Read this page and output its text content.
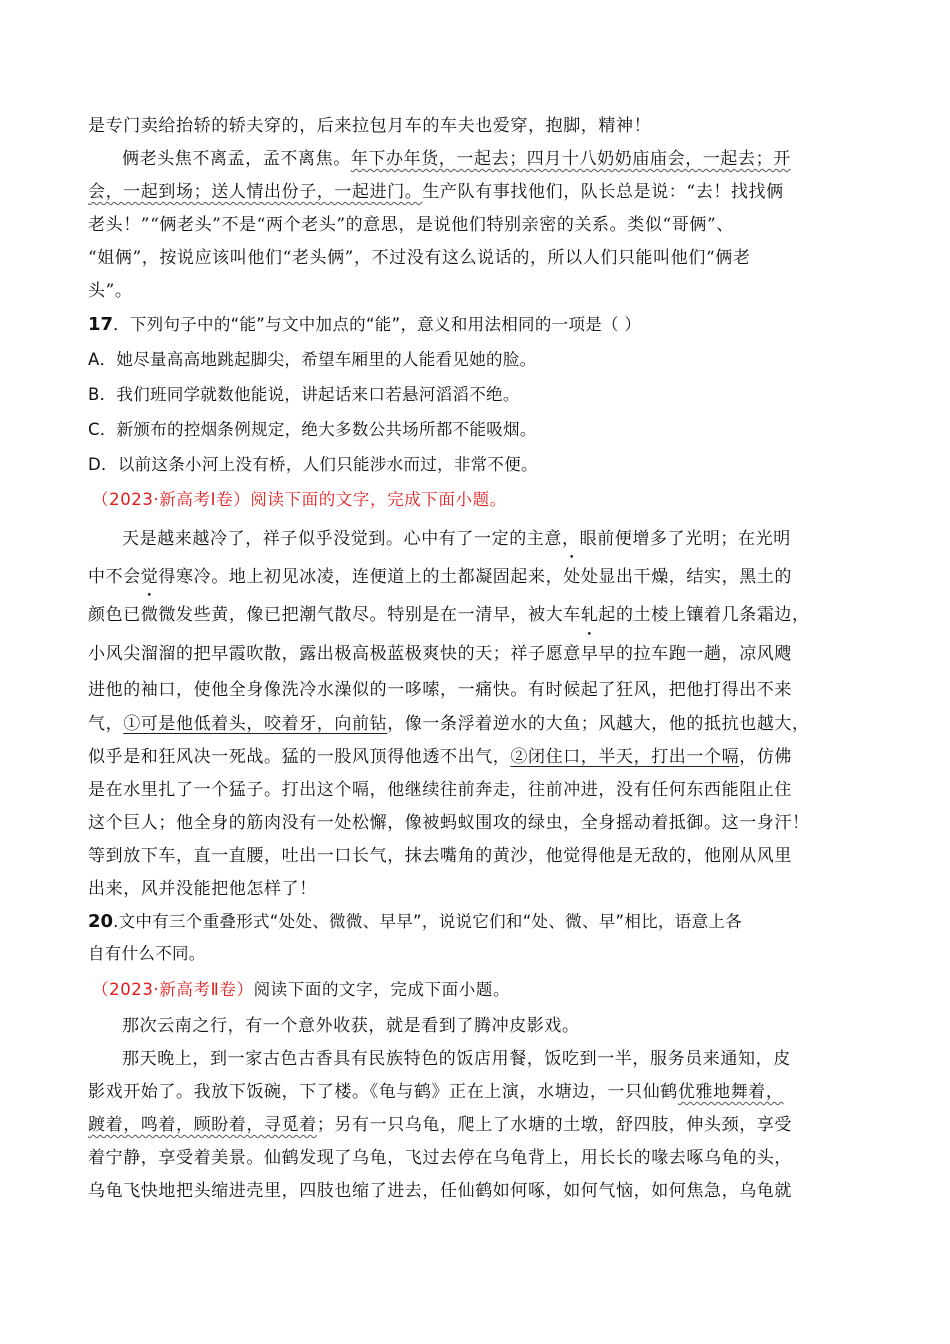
是专门卖给抬轿的轿夫穿的，后来拉包月车的车夫也爱穿，抱脚，精神！
俩老头焦不离孟，孟不离焦。年下办年货，一起去；四月十八奶奶庙庙会，一起去；开
会，一起到场；送人情出份子，一起进门。生产队有事找他们，队长总是说：“去！找找俩
老头！”“俩老头”不是“两个老头”的意思，是说他们特别亲密的关系。类似“哥俩”、
“姐俩”，按说应该叫他们“老头俩”，不过没有这么说话的，所以人们只能叫他们“俩老
头”。
17．下列句子中的“能”与文中加点的“能”，意义和用法相同的一项是（ ）
A．她尽量高高地跳起脚尖，希望车厢里的人能看见她的脸。
B．我们班同学就数他能说，讲起话来口若悬河滔滔不绝。
C．新颁布的控烟条例规定，绝大多数公共场所都不能吸烟。
D．以前这条小河上没有桥，人们只能涉水而过，非常不便。
（2023·新高考Ⅰ卷）阅读下面的文字，完成下面小题。
天是越来越冷了，祥子似乎没觉到。心中有了一定的主意，眼前便增多了光明；在光明
中不会觉得寒冷。地上初见冰凌，连便道上的土都凝固起来，处处显出干燥，结实，黑土的
颜色已微微发些黄，像已把潮气散尽。特别是在一清早，被大车轧起的土棱上镶着几条霜边，
小风尖溜溜的把早霞吹散，露出极高极蓝极爽快的天；祥子愿意早早的拉车跑一趟，凉风飕
进他的袖口，使他全身像洗冷水澡似的一哆嗦，一痛快。有时候起了狂风，把他打得出不来
气，①可是他低着头，咬着牙，向前钻，像一条浮着逆水的大鱼；风越大，他的抵抗也越大，
似乎是和狂风决一死战。猛的一股风顶得他透不出气，②闭住口，半天，打出一个嗝，仿佛
是在水里扎了一个猛子。打出这个嗝，他继续往前奔走，往前冲进，没有任何东西能阻止住
这个巨人；他全身的筋肉没有一处松懈，像被蚂蚁围攻的绿虫，全身摇动着抵御。这一身汗！
等到放下车，直一直腰，吐出一口长气，抹去嘴角的黄沙，他觉得他是无敌的，他刚从风里
出来，风并没能把他怎样了！
20.文中有三个重叠形式“处处、微微、早早”，说说它们和“处、微、早”相比，语意上各
自有什么不同。
（2023·新高考Ⅱ卷）阅读下面的文字，完成下面小题。
那次云南之行，有一个意外收获，就是看到了腾冲皮影戏。
那天晚上，到一家古色古香具有民族特色的饭店用餐，饭吃到一半，服务员来通知，皮
影戏开始了。我放下饭碗，下了楼。《龟与鹤》正在上演，水塘边，一只仙鹤优雅地舞着，
踱着，鸣着，顾盼着，寻觅着；另有一只乌龟，爬上了水塘的土墩，舒四肢，伸头颈，享受
着宁静，享受着美景。仙鹤发现了乌龟，飞过去停在乌龟背上，用长长的喙去啄乌龟的头，
乌龟飞快地把头缩进壳里，四肢也缩了进去，任仙鹤如何啄，如何气恼，如何焦急，乌龟就
